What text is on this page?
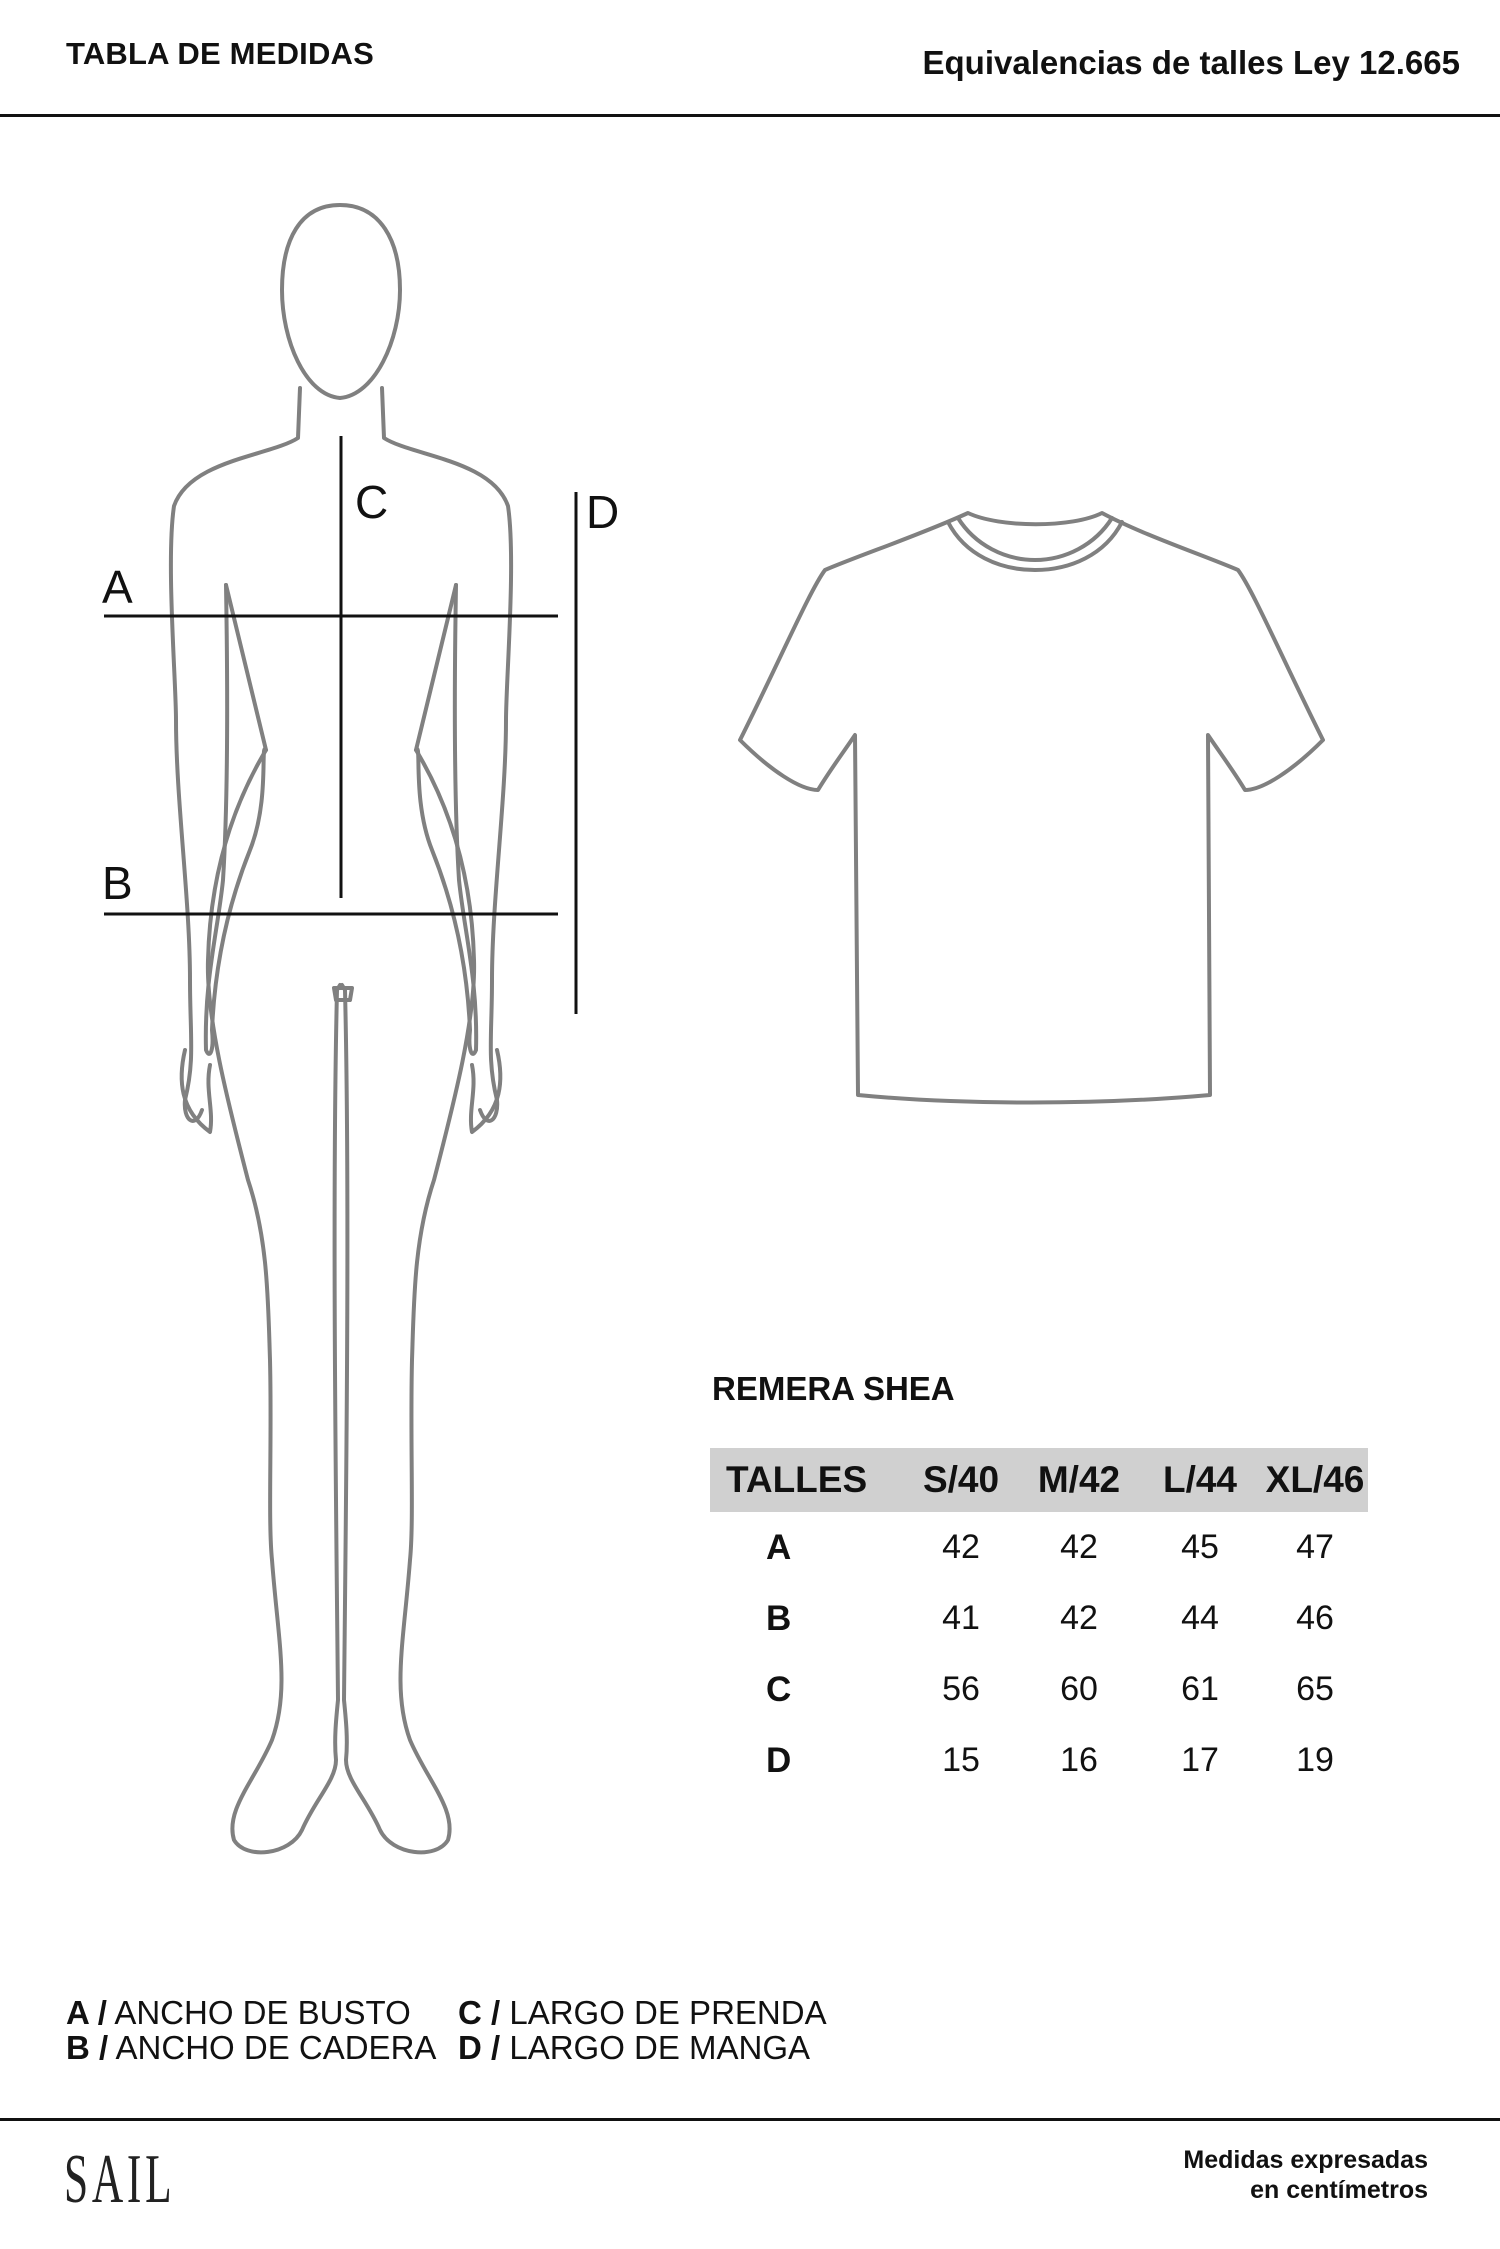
TABLA DE MEDIDAS	Equivalencias de talles Ley 12.665
A
B
C	D
REMERA SHEA
TALLES	S/40	M/42	L/44	XL/46
A	42	42	45	47
B	41	42	44	46
C	56	60	61	65
D	15	16	17	19
A / ANCHO DE BUSTO C / LARGO DE PRENDA
B / ANCHO DE CADERA D / LARGO DE MANGA
SAIL	Medidas expresadas
en centímetros
